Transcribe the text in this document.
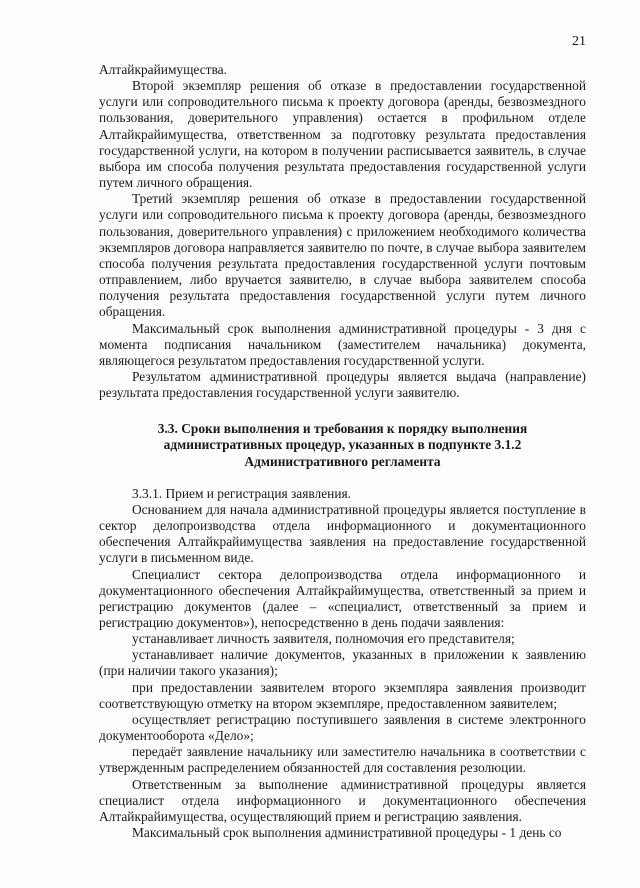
21

Алтайкрайимущества.

Второй экземпляр решения об отказе в предоставлении государственной услуги или сопроводительного письма к проекту договора (аренды, безвозмездного пользования, доверительного управления) остается в профильном отделе Алтайкрайимущества, ответственном за подготовку результата предоставления государственной услуги, на котором в получении расписывается заявитель, в случае выбора им способа получения результата предоставления государственной услуги путем личного обращения.

Третий экземпляр решения об отказе в предоставлении государственной услуги или сопроводительного письма к проекту договора (аренды, безвозмездного пользования, доверительного управления) с приложением необходимого количества экземпляров договора направляется заявителю по почте, в случае выбора заявителем способа получения результата предоставления государственной услуги почтовым отправлением, либо вручается заявителю, в случае выбора заявителем способа получения результата предоставления государственной услуги путем личного обращения.

Максимальный срок выполнения административной процедуры - 3 дня с момента подписания начальником (заместителем начальника) документа, являющегося результатом предоставления государственной услуги.

Результатом административной процедуры является выдача (направление) результата предоставления государственной услуги заявителю.

3.3. Сроки выполнения и требования к порядку выполнения административных процедур, указанных в подпункте 3.1.2 Административного регламента

3.3.1. Прием и регистрация заявления.

Основанием для начала административной процедуры является поступление в сектор делопроизводства отдела информационного и документационного обеспечения Алтайкрайимущества заявления на предоставление государственной услуги в письменном виде.

Специалист сектора делопроизводства отдела информационного и документационного обеспечения Алтайкрайимущества, ответственный за прием и регистрацию документов (далее – «специалист, ответственный за прием и регистрацию документов»), непосредственно в день подачи заявления:

устанавливает личность заявителя, полномочия его представителя;

устанавливает наличие документов, указанных в приложении к заявлению (при наличии такого указания);

при предоставлении заявителем второго экземпляра заявления производит соответствующую отметку на втором экземпляре, предоставленном заявителем;

осуществляет регистрацию поступившего заявления в системе электронного документооборота «Дело»;

передаёт заявление начальнику или заместителю начальника в соответствии с утвержденным распределением обязанностей для составления резолюции.

Ответственным за выполнение административной процедуры является специалист отдела информационного и документационного обеспечения Алтайкрайимущества, осуществляющий прием и регистрацию заявления.

Максимальный срок выполнения административной процедуры - 1 день со
